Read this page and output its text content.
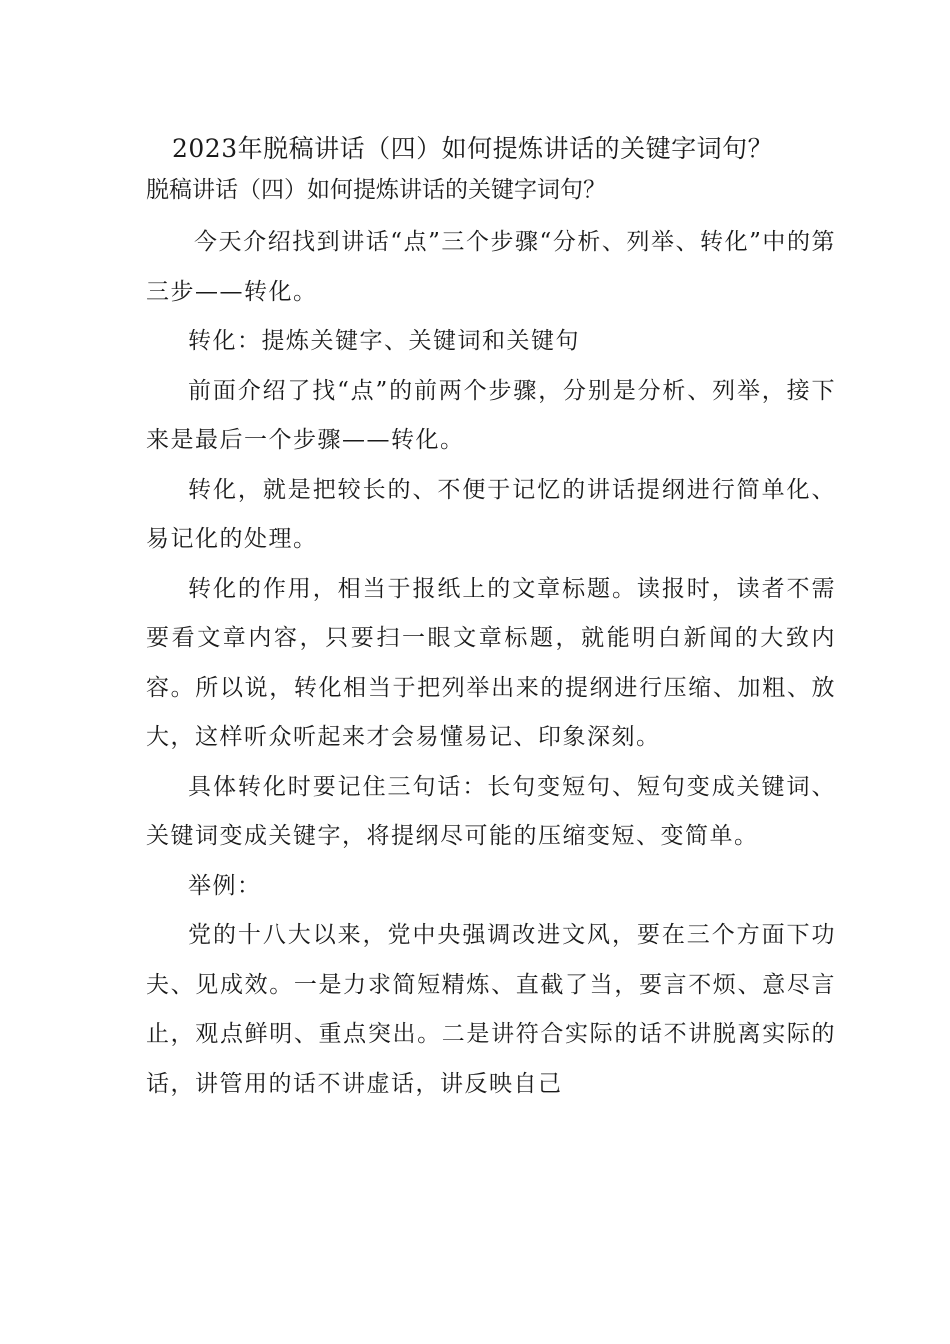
2023年脱稿讲话（四）如何提炼讲话的关键字词句？
脱稿讲话（四）如何提炼讲话的关键字词句？

今天介绍找到讲话“点”三个步骤“分析、列举、转化”中的第三步——转化。

转化：提炼关键字、关键词和关键句

前面介绍了找“点”的前两个步骤，分别是分析、列举，接下来是最后一个步骤——转化。

转化，就是把较长的、不便于记忆的讲话提纲进行简单化、易记化的处理。

转化的作用，相当于报纸上的文章标题。读报时，读者不需要看文章内容，只要扫一眼文章标题，就能明白新闻的大致内容。所以说，转化相当于把列举出来的提纲进行压缩、加粗、放大，这样听众听起来才会易懂易记、印象深刻。

具体转化时要记住三句话：长句变短句、短句变成关键词、关键词变成关键字，将提纲尽可能的压缩变短、变简单。

举例：

党的十八大以来，党中央强调改进文风，要在三个方面下功夫、见成效。一是力求简短精炼、直截了当，要言不烦、意尽言止，观点鲜明、重点突出。二是讲符合实际的话不讲脱离实际的话，讲管用的话不讲虚话，讲反映自己
